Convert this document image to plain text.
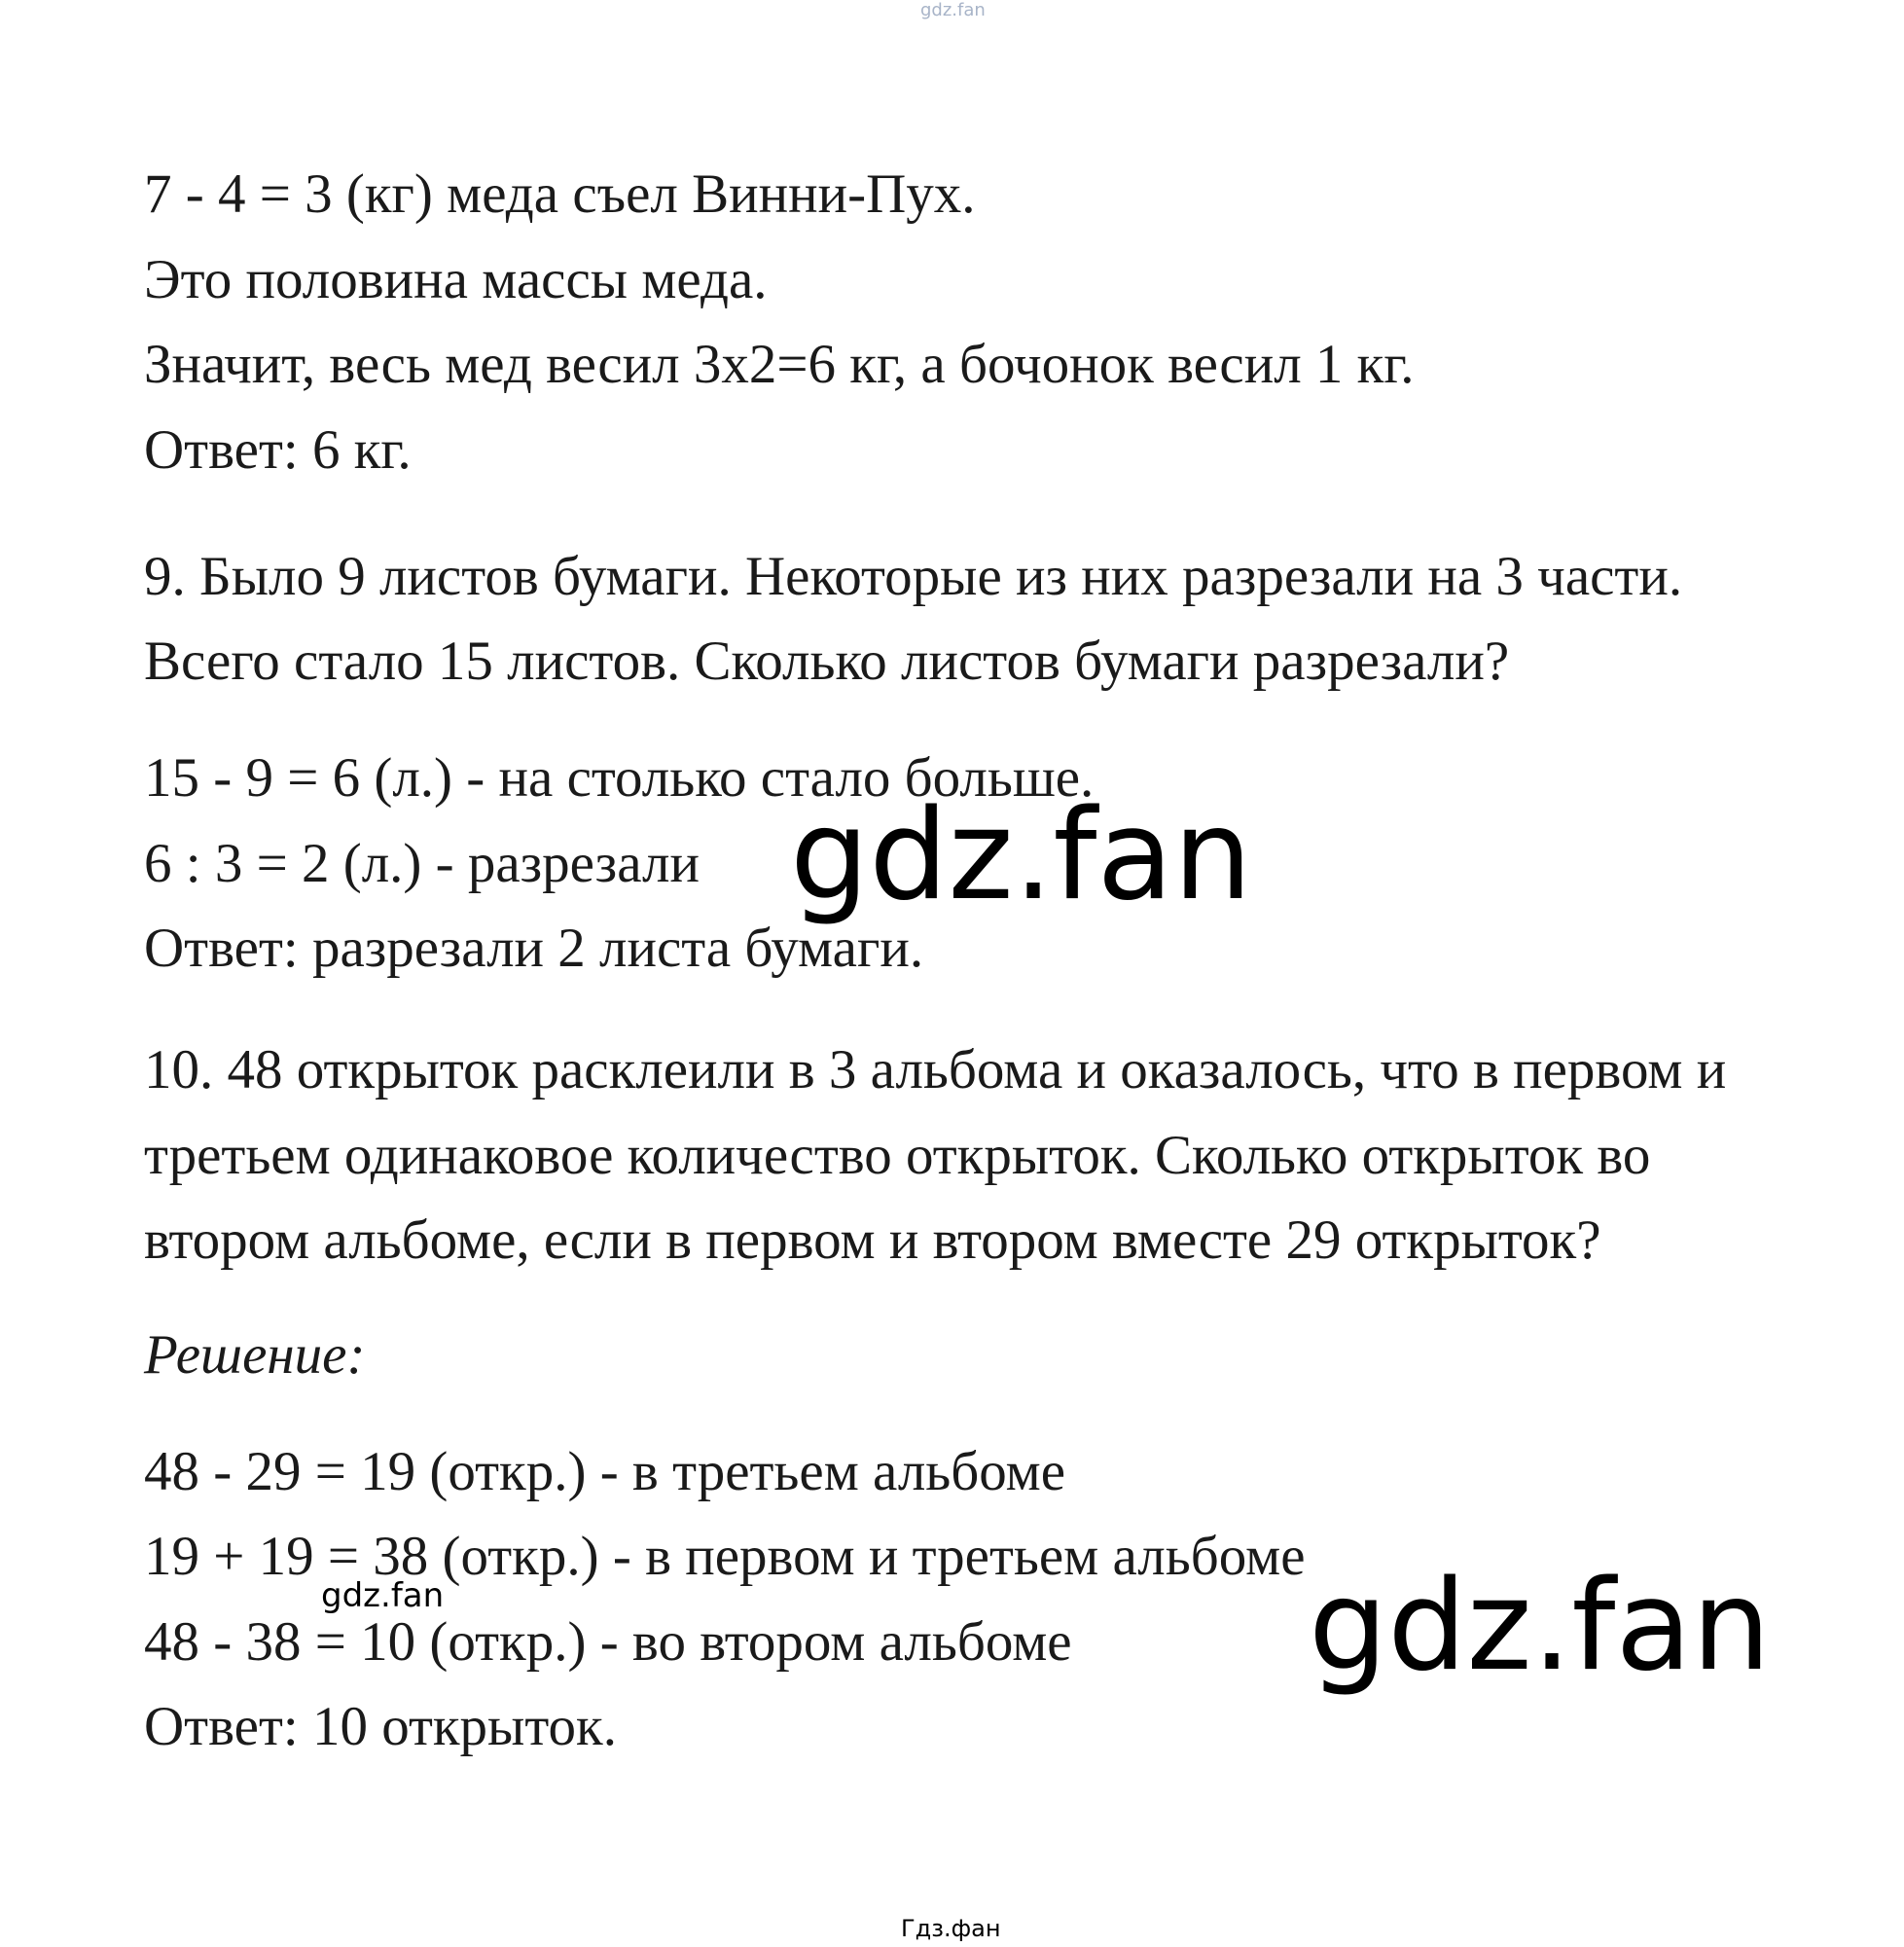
gdz.fan
7 - 4 = 3 (кг) меда съел Винни-Пух.
Это половина массы меда.
Значит, весь мед весил 3х2=6 кг, а бочонок весил 1 кг.
Ответ: 6 кг.
9. Было 9 листов бумаги. Некоторые из них разрезали на 3 части.
Всего стало 15 листов. Сколько листов бумаги разрезали?
15 - 9 = 6 (л.) - на столько стало больше.
6 : 3 = 2 (л.) - разрезали
Ответ: разрезали 2 листа бумаги.
gdz.fan
10. 48 открыток расклеили в 3 альбома и оказалось, что в первом и
третьем одинаковое количество открыток. Сколько открыток во
втором альбоме, если в первом и втором вместе 29 открыток?
Решение:
48 - 29 = 19 (откр.) - в третьем альбоме
19 + 19 = 38 (откр.) - в первом и третьем альбоме
48 - 38 = 10 (откр.) - во втором альбоме
Ответ: 10 открыток.
gdz.fan	gdz.fan
Гдз.фан
